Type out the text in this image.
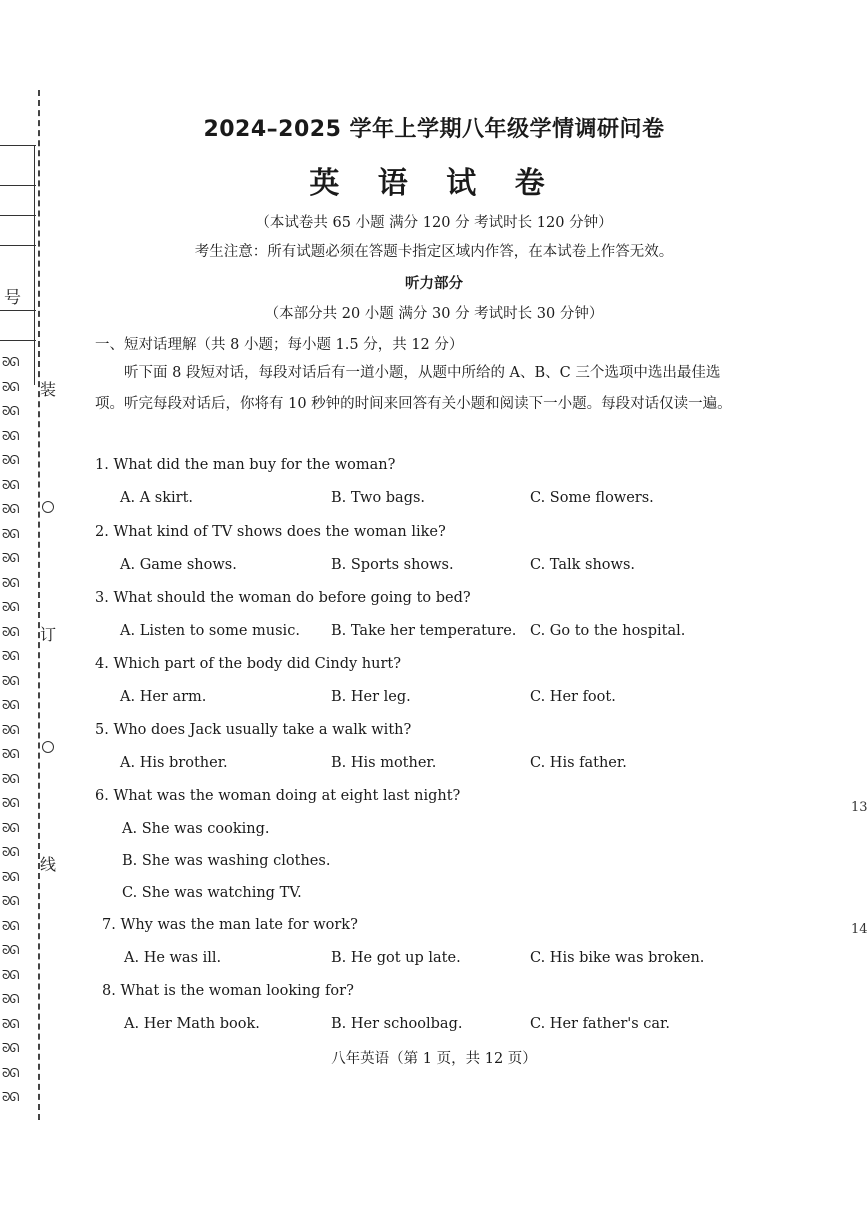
号
装
订
线
ᘐᘏ
ᘐᘏ
ᘐᘏ
ᘐᘏ
ᘐᘏ
ᘐᘏ
ᘐᘏ
ᘐᘏ
ᘐᘏ
ᘐᘏ
ᘐᘏ
ᘐᘏ
ᘐᘏ
ᘐᘏ
ᘐᘏ
ᘐᘏ
ᘐᘏ
ᘐᘏ
ᘐᘏ
ᘐᘏ
ᘐᘏ
ᘐᘏ
ᘐᘏ
ᘐᘏ
ᘐᘏ
ᘐᘏ
ᘐᘏ
ᘐᘏ
ᘐᘏ
ᘐᘏ
ᘐᘏ
13
14
2024–2025 学年上学期八年级学情调研问卷
英 语 试 卷
（本试卷共 65 小题 满分 120 分 考试时长 120 分钟）
考生注意：所有试题必须在答题卡指定区域内作答，在本试卷上作答无效。
听力部分
（本部分共 20 小题 满分 30 分 考试时长 30 分钟）
一、短对话理解（共 8 小题；每小题 1.5 分，共 12 分）
听下面 8 段短对话，每段对话后有一道小题，从题中所给的 A、B、C 三个选项中选出最佳选项。听完每段对话后，你将有 10 秒钟的时间来回答有关小题和阅读下一小题。每段对话仅读一遍。
1. What did the man buy for the woman?
A. A skirt.	B. Two bags.	C. Some flowers.
2. What kind of TV shows does the woman like?
A. Game shows.	B. Sports shows.	C. Talk shows.
3. What should the woman do before going to bed?
A. Listen to some music. B. Take her temperature. C. Go to the hospital.
4. Which part of the body did Cindy hurt?
A. Her arm.	B. Her leg.	C. Her foot.
5. Who does Jack usually take a walk with?
A. His brother.	B. His mother.	C. His father.
6. What was the woman doing at eight last night?
A. She was cooking.
B. She was washing clothes.
C. She was watching TV.
7. Why was the man late for work?
A. He was ill.	B. He got up late.	C. His bike was broken.
8. What is the woman looking for?
A. Her Math book.	B. Her schoolbag.	C. Her father's car.
八年英语（第 1 页，共 12 页）
